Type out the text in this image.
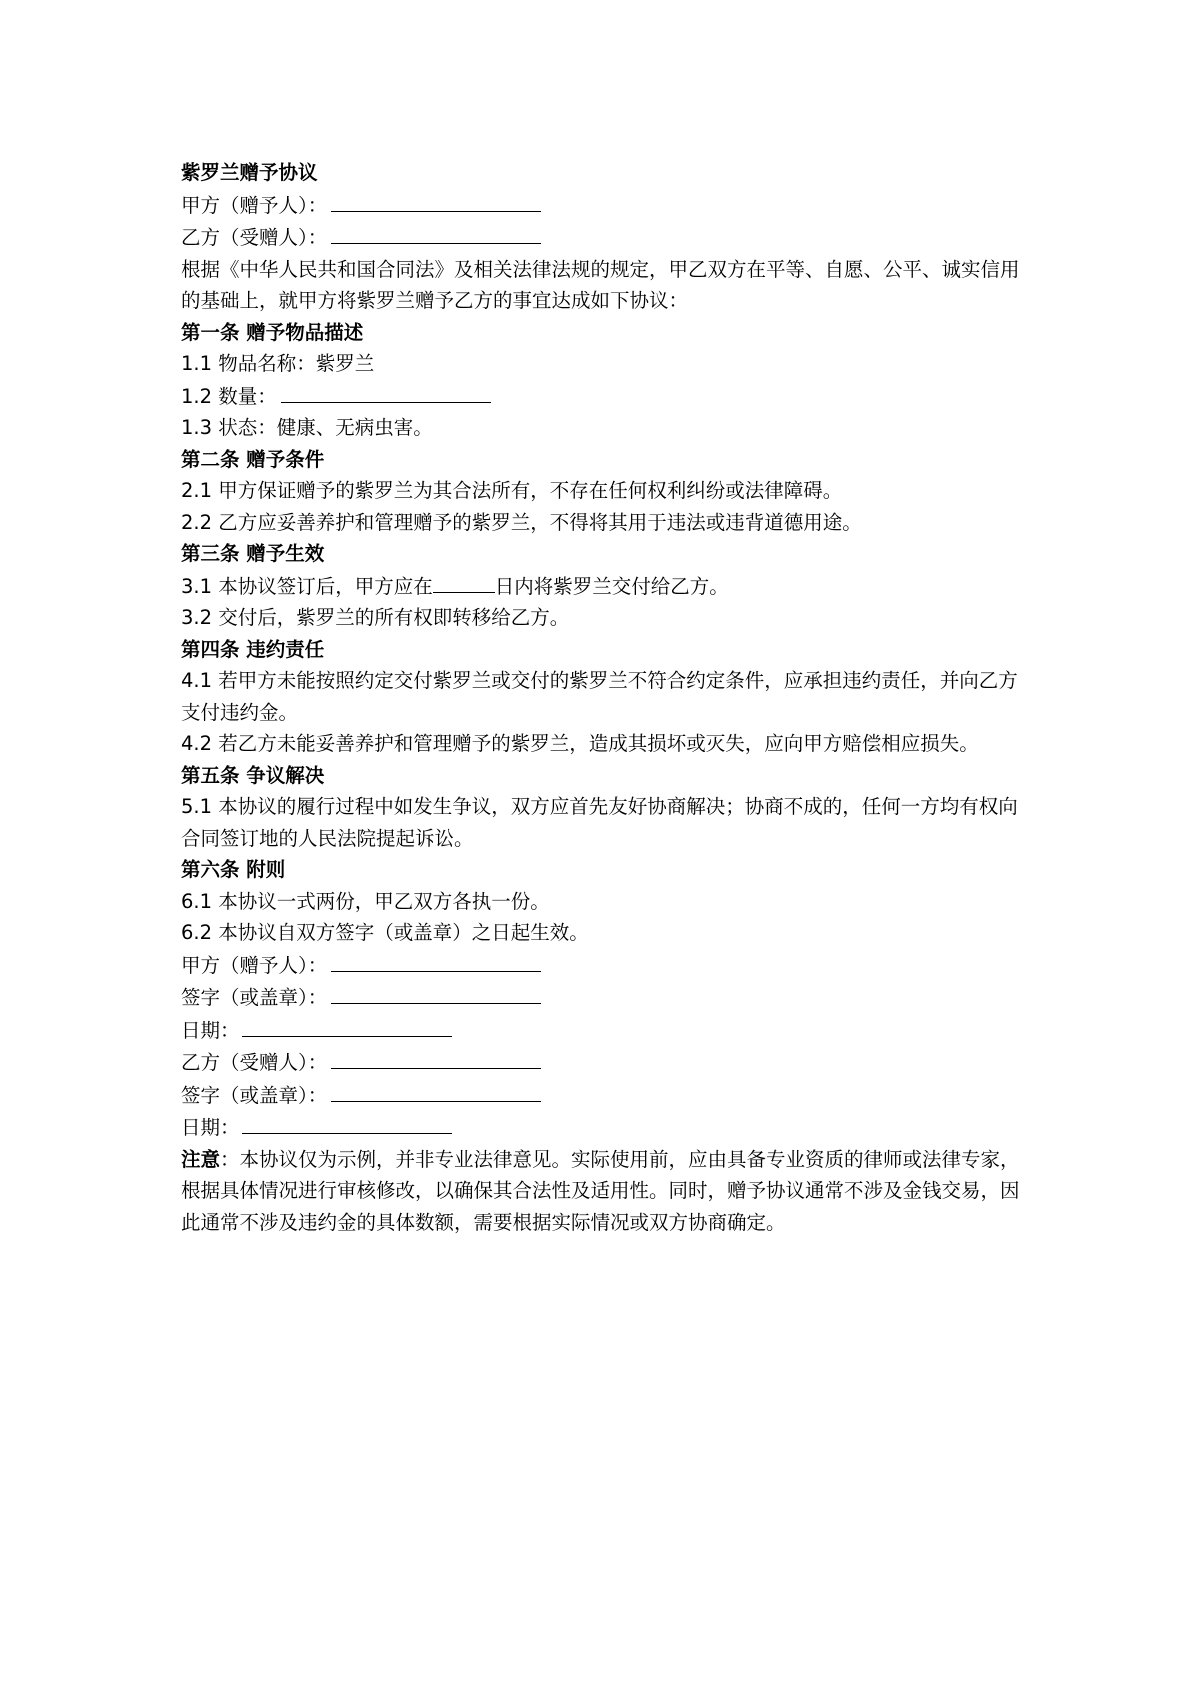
紫罗兰赠予协议
甲方（赠予人）：
乙方（受赠人）：
根据《中华人民共和国合同法》及相关法律法规的规定，甲乙双方在平等、自愿、公平、诚实信用的基础上，就甲方将紫罗兰赠予乙方的事宜达成如下协议：
第一条 赠予物品描述
1.1 物品名称：紫罗兰
1.2 数量：
1.3 状态：健康、无病虫害。
第二条 赠予条件
2.1 甲方保证赠予的紫罗兰为其合法所有，不存在任何权利纠纷或法律障碍。
2.2 乙方应妥善养护和管理赠予的紫罗兰，不得将其用于违法或违背道德用途。
第三条 赠予生效
3.1 本协议签订后，甲方应在	日内将紫罗兰交付给乙方。
3.2 交付后，紫罗兰的所有权即转移给乙方。
第四条 违约责任
4.1 若甲方未能按照约定交付紫罗兰或交付的紫罗兰不符合约定条件，应承担违约责任，并向乙方支付违约金。
4.2 若乙方未能妥善养护和管理赠予的紫罗兰，造成其损坏或灭失，应向甲方赔偿相应损失。
第五条 争议解决
5.1 本协议的履行过程中如发生争议，双方应首先友好协商解决；协商不成的，任何一方均有权向合同签订地的人民法院提起诉讼。
第六条 附则
6.1 本协议一式两份，甲乙双方各执一份。
6.2 本协议自双方签字（或盖章）之日起生效。
甲方（赠予人）：
签字（或盖章）：
日期：
乙方（受赠人）：
签字（或盖章）：
日期：
注意：本协议仅为示例，并非专业法律意见。实际使用前，应由具备专业资质的律师或法律专家，根据具体情况进行审核修改，以确保其合法性及适用性。同时，赠予协议通常不涉及金钱交易，因此通常不涉及违约金的具体数额，需要根据实际情况或双方协商确定。
